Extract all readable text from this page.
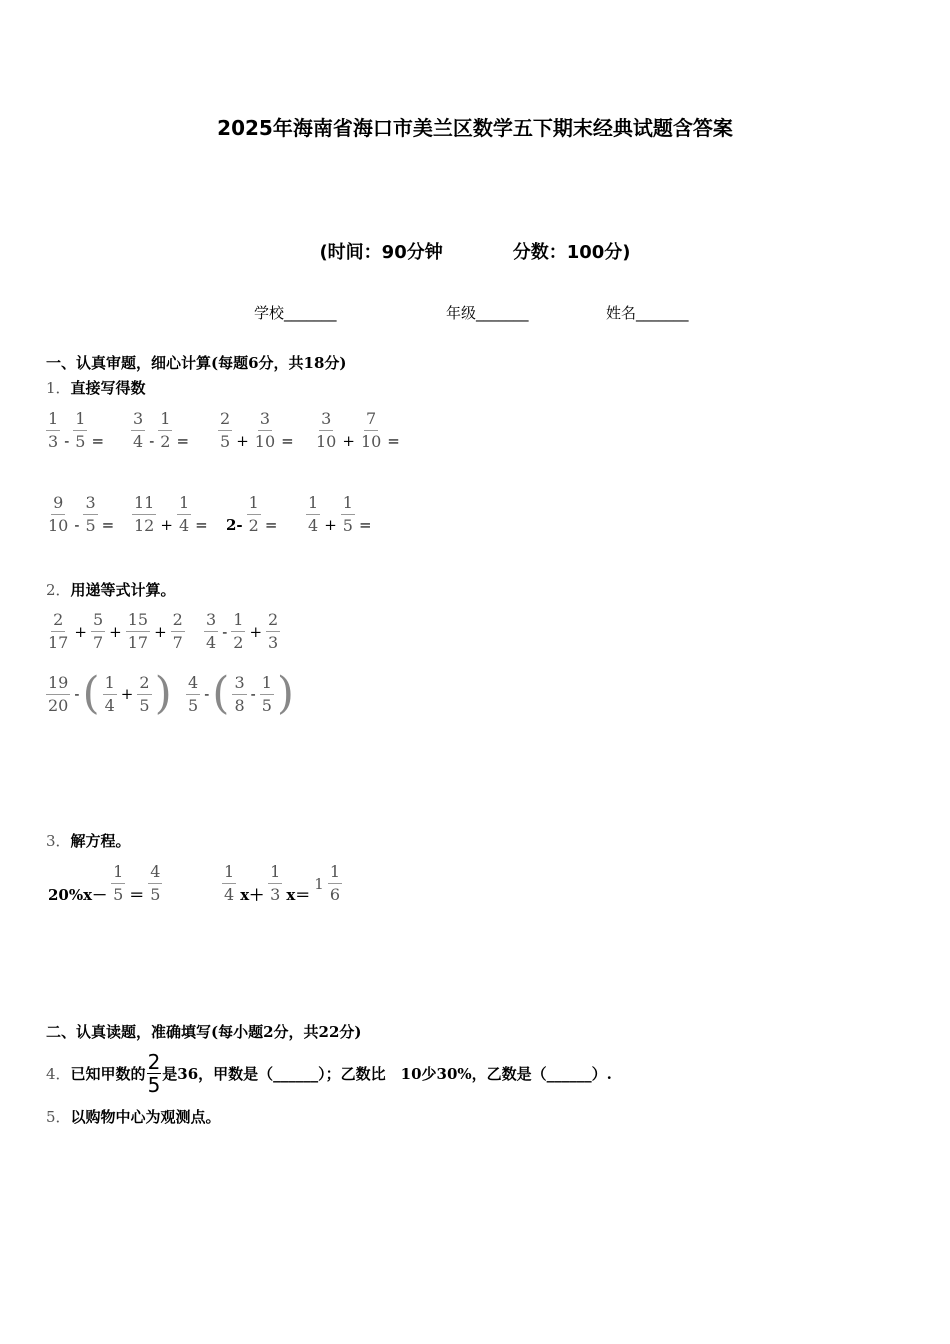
2025年海南省海口市美兰区数学五下期末经典试题含答案
(时间：90分钟	分数：100分)
学校_______	年级_______	姓名_______
一、认真审题，细心计算(每题6分，共18分)
1．直接写得数
$\frac{1}{3} - \frac{1}{5} = \frac{3}{4} - \frac{1}{2} = \frac{2}{5} + \frac{3}{10} = \frac{3}{10} + \frac{7}{10}$ =
$\frac{9}{10} - \frac{3}{5} = \frac{11}{12} + \frac{1}{4} = 2- \frac{1}{2} = \frac{1}{4} + \frac{1}{5}$ =
2．用递等式计算。
$\frac{2}{17} + \frac{5}{7} + \frac{15}{17} + \frac{2}{7} \frac{3}{4} - \frac{1}{2} + \frac{2}{3}$
$\frac{19}{20}$ - ( $\frac{1}{4} + \frac{2}{5}$ ) $\frac{4}{5}$ - ( $\frac{3}{8} - \frac{1}{5}$ )
3．解方程。
$20\%x- \frac{1}{5} = \frac{4}{5}$	$\frac{1}{4} x+ \frac{1}{3} x=$
$1 \frac{1}{6}$
二、认真读题，准确填写(每小题2分，共22分)
4． 已知甲数的 $\frac{2}{5}$ 是36，甲数是（______）；乙数比　10少30%，乙数是（______）.
5．以购物中心为观测点。
